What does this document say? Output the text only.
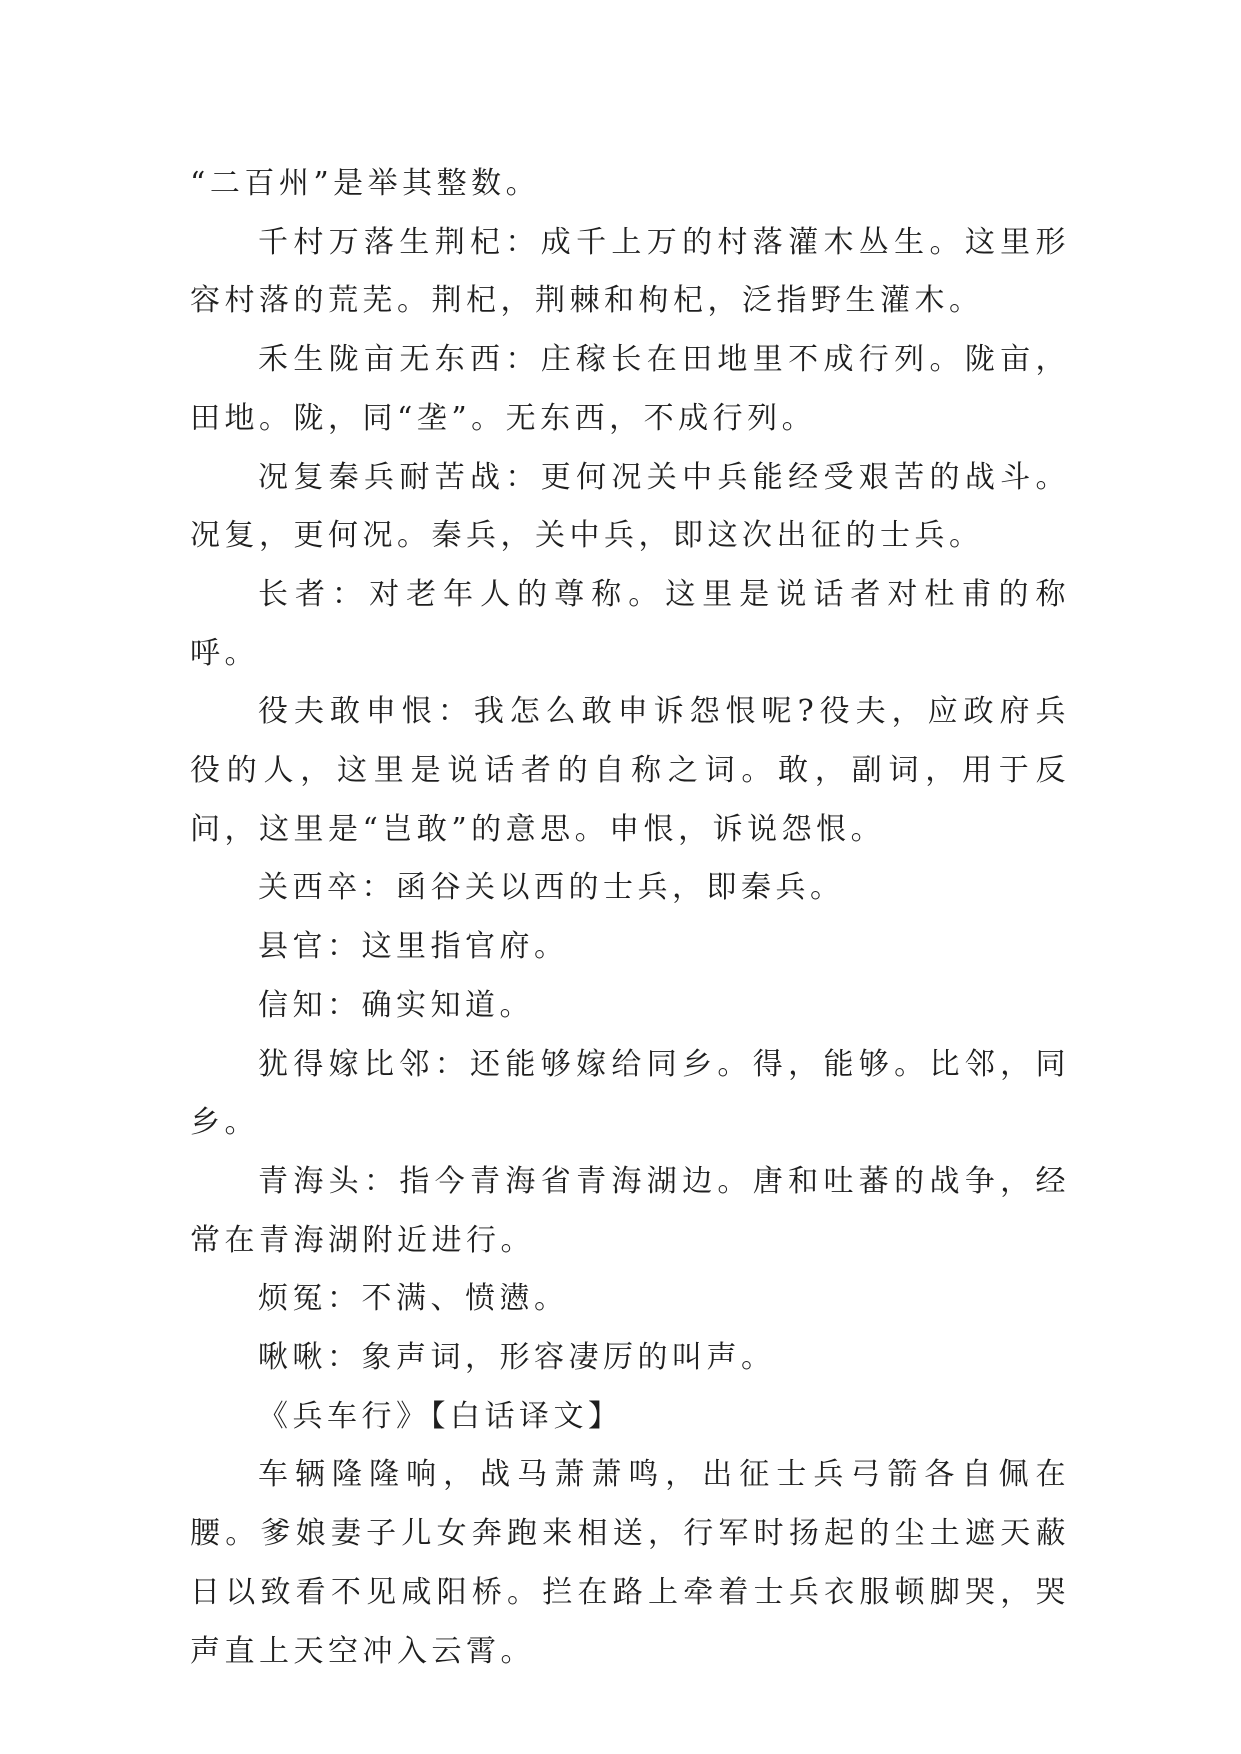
“二百州”是举其整数。

千村万落生荆杞：成千上万的村落灌木丛生。这里形容村落的荒芜。荆杞，荆棘和枸杞，泛指野生灌木。

禾生陇亩无东西：庄稼长在田地里不成行列。陇亩，田地。陇，同“垄”。无东西，不成行列。

况复秦兵耐苦战：更何况关中兵能经受艰苦的战斗。况复，更何况。秦兵，关中兵，即这次出征的士兵。

长者：对老年人的尊称。这里是说话者对杜甫的称呼。

役夫敢申恨：我怎么敢申诉怨恨呢?役夫，应政府兵役的人，这里是说话者的自称之词。敢，副词，用于反问，这里是“岂敢”的意思。申恨，诉说怨恨。

关西卒：函谷关以西的士兵，即秦兵。

县官：这里指官府。

信知：确实知道。

犹得嫁比邻：还能够嫁给同乡。得，能够。比邻，同乡。

青海头：指今青海省青海湖边。唐和吐蕃的战争，经常在青海湖附近进行。

烦冤：不满、愤懑。

啾啾：象声词，形容凄厉的叫声。

《兵车行》【白话译文】

车辆隆隆响，战马萧萧鸣，出征士兵弓箭各自佩在腰。爹娘妻子儿女奔跑来相送，行军时扬起的尘土遮天蔽日以致看不见咸阳桥。拦在路上牵着士兵衣服顿脚哭，哭声直上天空冲入云霄。
